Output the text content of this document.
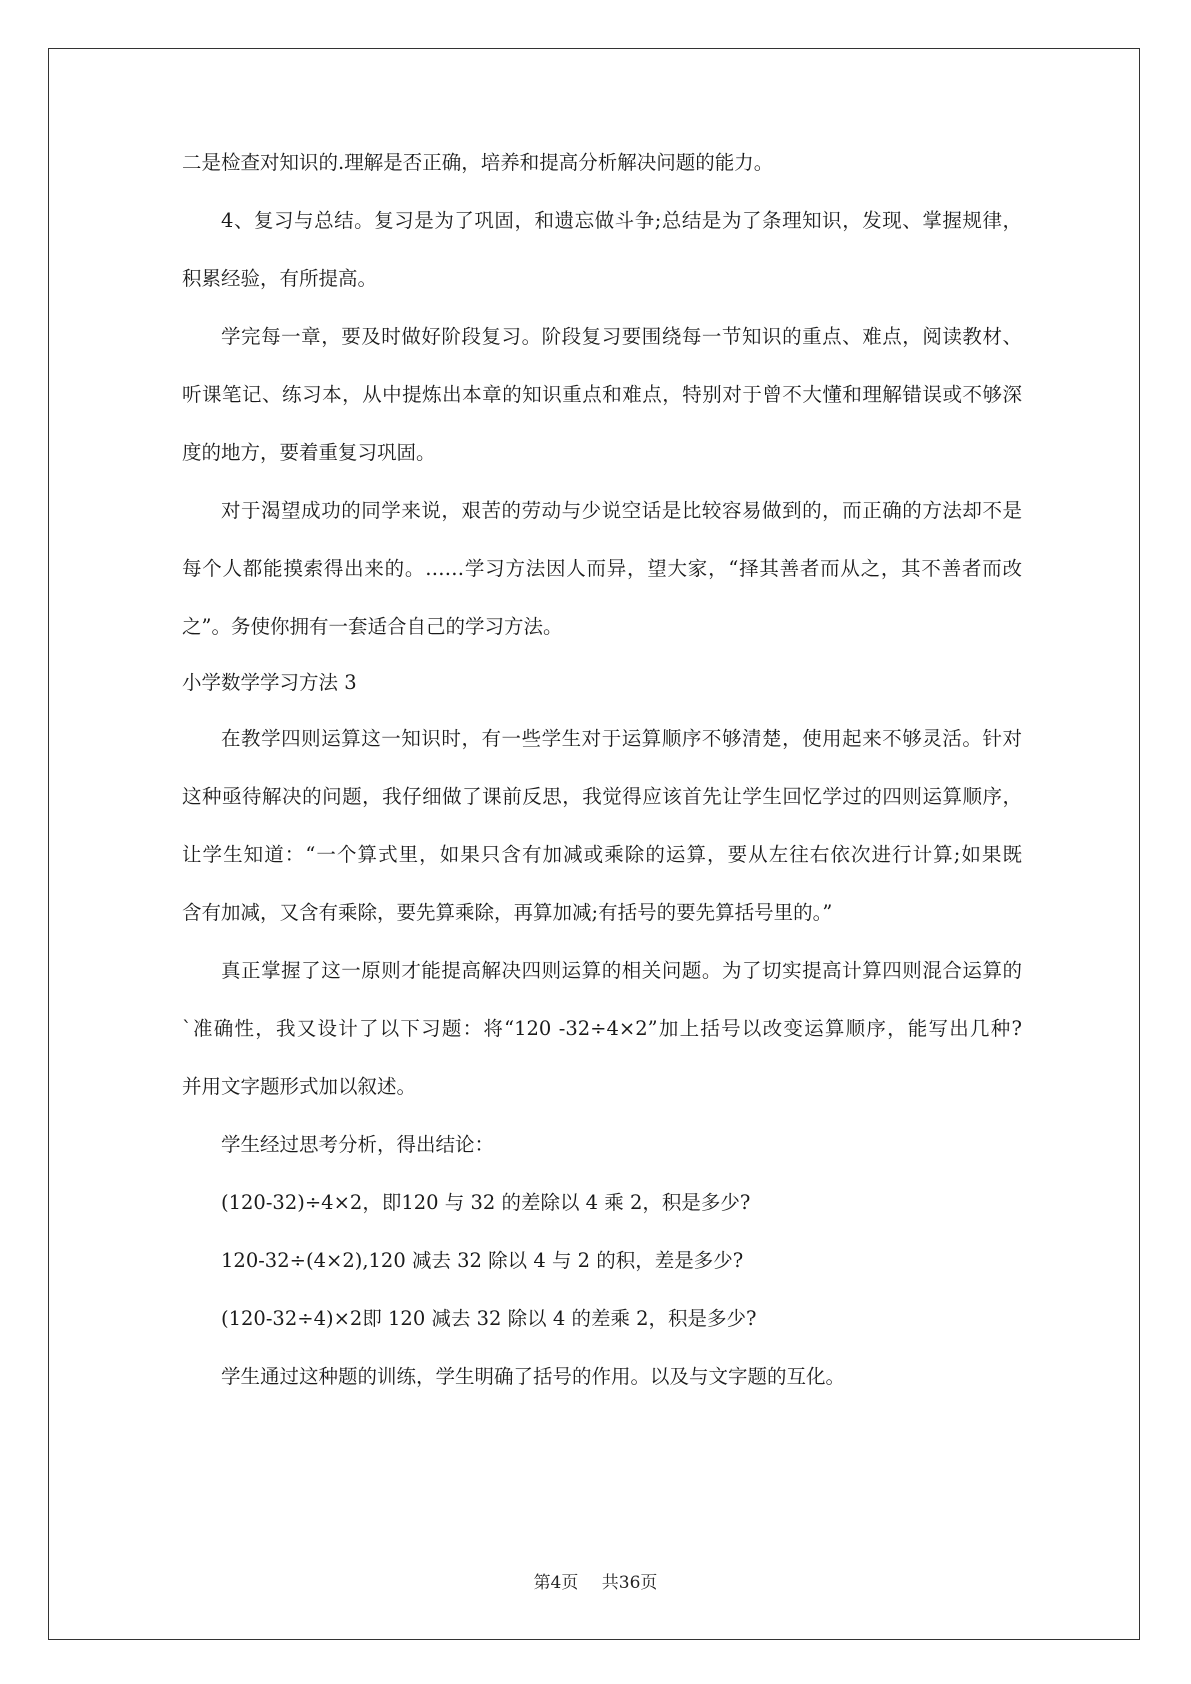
二是检查对知识的.理解是否正确，培养和提高分析解决问题的能力。
4、复习与总结。复习是为了巩固，和遗忘做斗争;总结是为了条理知识，发现、掌握规律，
积累经验，有所提高。
学完每一章，要及时做好阶段复习。阶段复习要围绕每一节知识的重点、难点，阅读教材、
听课笔记、练习本，从中提炼出本章的知识重点和难点，特别对于曾不大懂和理解错误或不够深
度的地方，要着重复习巩固。
对于渴望成功的同学来说，艰苦的劳动与少说空话是比较容易做到的，而正确的方法却不是
每个人都能摸索得出来的。……学习方法因人而异，望大家，“择其善者而从之，其不善者而改
之”。务使你拥有一套适合自己的学习方法。
小学数学学习方法 3
在教学四则运算这一知识时，有一些学生对于运算顺序不够清楚，使用起来不够灵活。针对
这种亟待解决的问题，我仔细做了课前反思，我觉得应该首先让学生回忆学过的四则运算顺序，
让学生知道：“一个算式里，如果只含有加减或乘除的运算，要从左往右依次进行计算;如果既
含有加减，又含有乘除，要先算乘除，再算加减;有括号的要先算括号里的。”
真正掌握了这一原则才能提高解决四则运算的相关问题。为了切实提高计算四则混合运算的
`准确性，我又设计了以下习题：将“120 -32÷4×2”加上括号以改变运算顺序，能写出几种?
并用文字题形式加以叙述。
学生经过思考分析，得出结论：
(120-32)÷4×2，即120 与 32 的差除以 4 乘 2，积是多少?
120-32÷(4×2),120 减去 32 除以 4 与 2 的积，差是多少?
(120-32÷4)×2即 120 减去 32 除以 4 的差乘 2，积是多少?
学生通过这种题的训练，学生明确了括号的作用。以及与文字题的互化。
第4页 共36页
